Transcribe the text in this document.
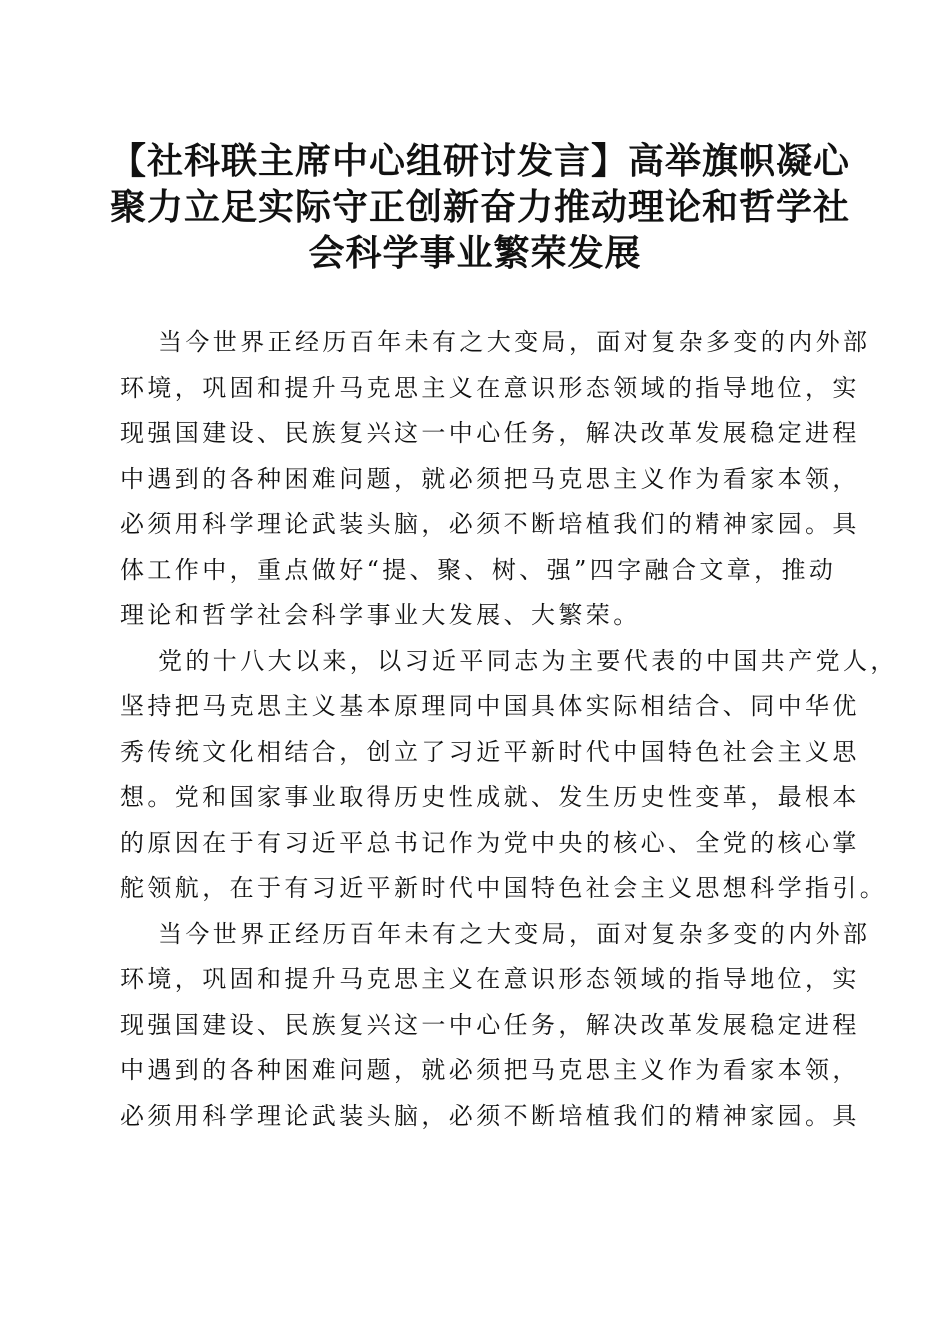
【社科联主席中心组研讨发言】高举旗帜凝心
聚力立足实际守正创新奋力推动理论和哲学社
会科学事业繁荣发展

当今世界正经历百年未有之大变局，面对复杂多变的内外部
环境，巩固和提升马克思主义在意识形态领域的指导地位，实
现强国建设、民族复兴这一中心任务，解决改革发展稳定进程
中遇到的各种困难问题，就必须把马克思主义作为看家本领，
必须用科学理论武装头脑，必须不断培植我们的精神家园。具
体工作中，重点做好“提、聚、树、强”四字融合文章，推动
理论和哲学社会科学事业大发展、大繁荣。

党的十八大以来，以习近平同志为主要代表的中国共产党人，
坚持把马克思主义基本原理同中国具体实际相结合、同中华优
秀传统文化相结合，创立了习近平新时代中国特色社会主义思
想。党和国家事业取得历史性成就、发生历史性变革，最根本
的原因在于有习近平总书记作为党中央的核心、全党的核心掌
舵领航，在于有习近平新时代中国特色社会主义思想科学指引。

当今世界正经历百年未有之大变局，面对复杂多变的内外部
环境，巩固和提升马克思主义在意识形态领域的指导地位，实
现强国建设、民族复兴这一中心任务，解决改革发展稳定进程
中遇到的各种困难问题，就必须把马克思主义作为看家本领，
必须用科学理论武装头脑，必须不断培植我们的精神家园。具
